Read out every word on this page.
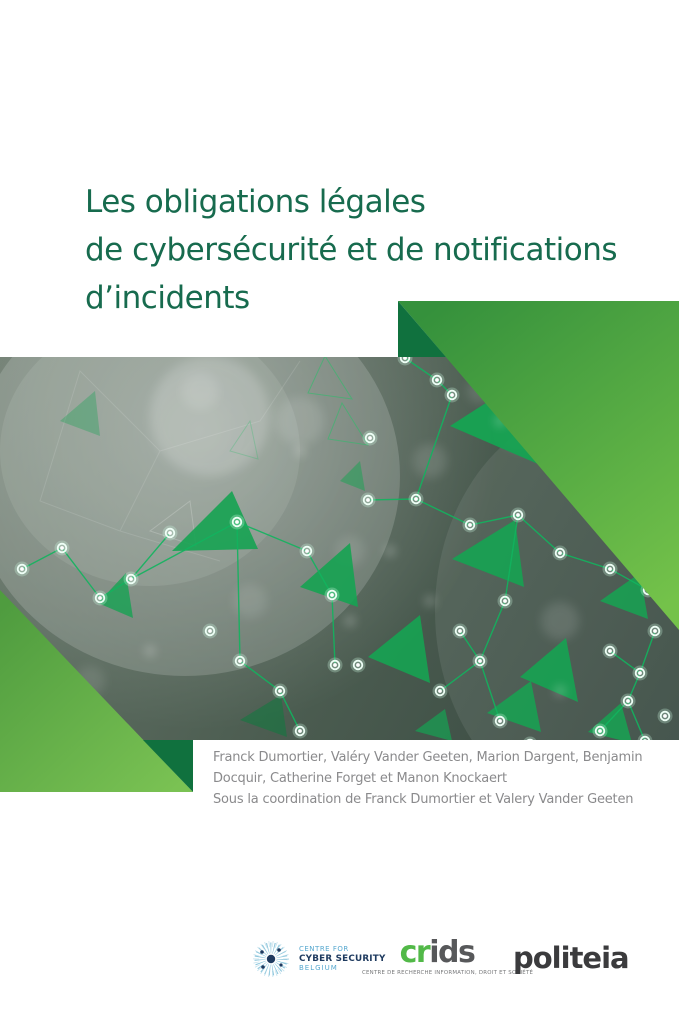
Les obligations légales
de cybersécurité et de notifications
d’incidents
Franck Dumortier, Valéry Vander Geeten, Marion Dargent, Benjamin
Docquir, Catherine Forget et Manon Knockaert
Sous la coordination de Franck Dumortier et Valery Vander Geeten
CENTRE FOR
CYBER SECURITY
BELGIUM	crids
CENTRE DE RECHERCHE INFORMATION, DROIT ET SOCIÉTÉ
politeia
